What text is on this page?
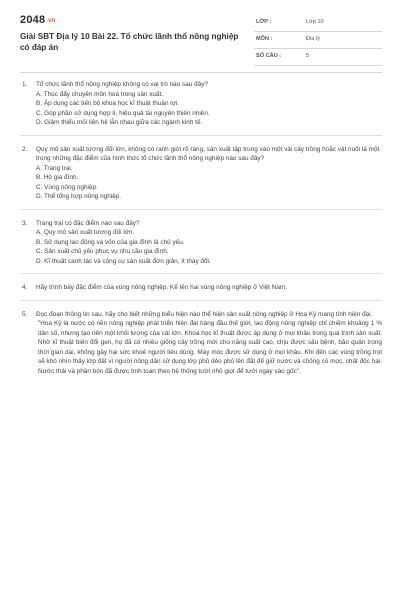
2048.vn
Giải SBT Địa lý 10 Bài 22. Tổ chức lãnh thổ nông nghiệp có đáp án
LỚP :	Lớp 10
MÔN :	Địa lý
SỐ CÂU :	5
1. Tổ chức lãnh thổ nông nghiệp không có vai trò nào sau đây?
A. Thúc đẩy chuyên môn hoá trong sản xuất.
B. Áp dụng các tiến bộ khoa học kĩ thuật thuận lợi.
C. Góp phần sử dụng hợp lí, hiệu quả tài nguyên thiên nhiên.
D. Giảm thiểu mối liên hệ lẫn nhau giữa các ngành kinh tế.
2. Quy mô sản xuất tương đối lớn, không có ranh giới rõ ràng, sản xuất tập trung vào một vài cây trồng hoặc vật nuôi là một trong những đặc điểm của hình thức tổ chức lãnh thổ nông nghiệp nào sau đây?
A. Trang trại.
B. Hộ gia đình.
C. Vùng nông nghiệp.
D. Thể tổng hợp nông nghiệp.
3. Trang trại có đặc điểm nào sau đây?
A. Quy mô sản xuất tương đối lớn.
B. Sử dụng lao động và vốn của gia đình là chủ yếu.
C. Sản xuất chủ yếu phục vụ nhu cầu gia đình.
D. Kĩ thuật canh tác và công cụ sản xuất đơn giản, ít thay đổi.
4. Hãy trình bày đặc điểm của vùng nông nghiệp. Kể tên hai vùng nông nghiệp ở Việt Nam.
5. Đọc đoạn thông tin sau, hãy cho biết những biểu hiện nào thể hiện sản xuất nông nghiệp ở Hoa Kỳ mang tính hiện đại.
"Hoa Kỳ là nước có nền nông nghiệp phát triển hiện đại hàng đầu thế giới, lao động nông nghiệp chỉ chiếm khoảng 1 % dân số, nhưng tạo nên một khối lượng của cải lớn. Khoa học kĩ thuật được áp dụng ở mọi khâu trong quá trình sản xuất. Nhờ kĩ thuật biến đổi gen, họ đã có nhiều giống cây trồng mới cho năng suất cao, chịu được sâu bệnh, bảo quản trong thời gian dài, không gây hại sức khoẻ người tiêu dùng. Máy móc được sử dụng ở mọi khâu. Khi đến các vùng trồng trọt sẽ khó nhìn thấy lớp đất vì người nông dân sử dụng lớp phủ dẻo phủ lên đất để giữ nước và chống cỏ mọc, chất độc hại. Nước thải và phân bón đã được tính toán theo hệ thống tưới nhỏ giọt để tưới ngay vào gốc".
